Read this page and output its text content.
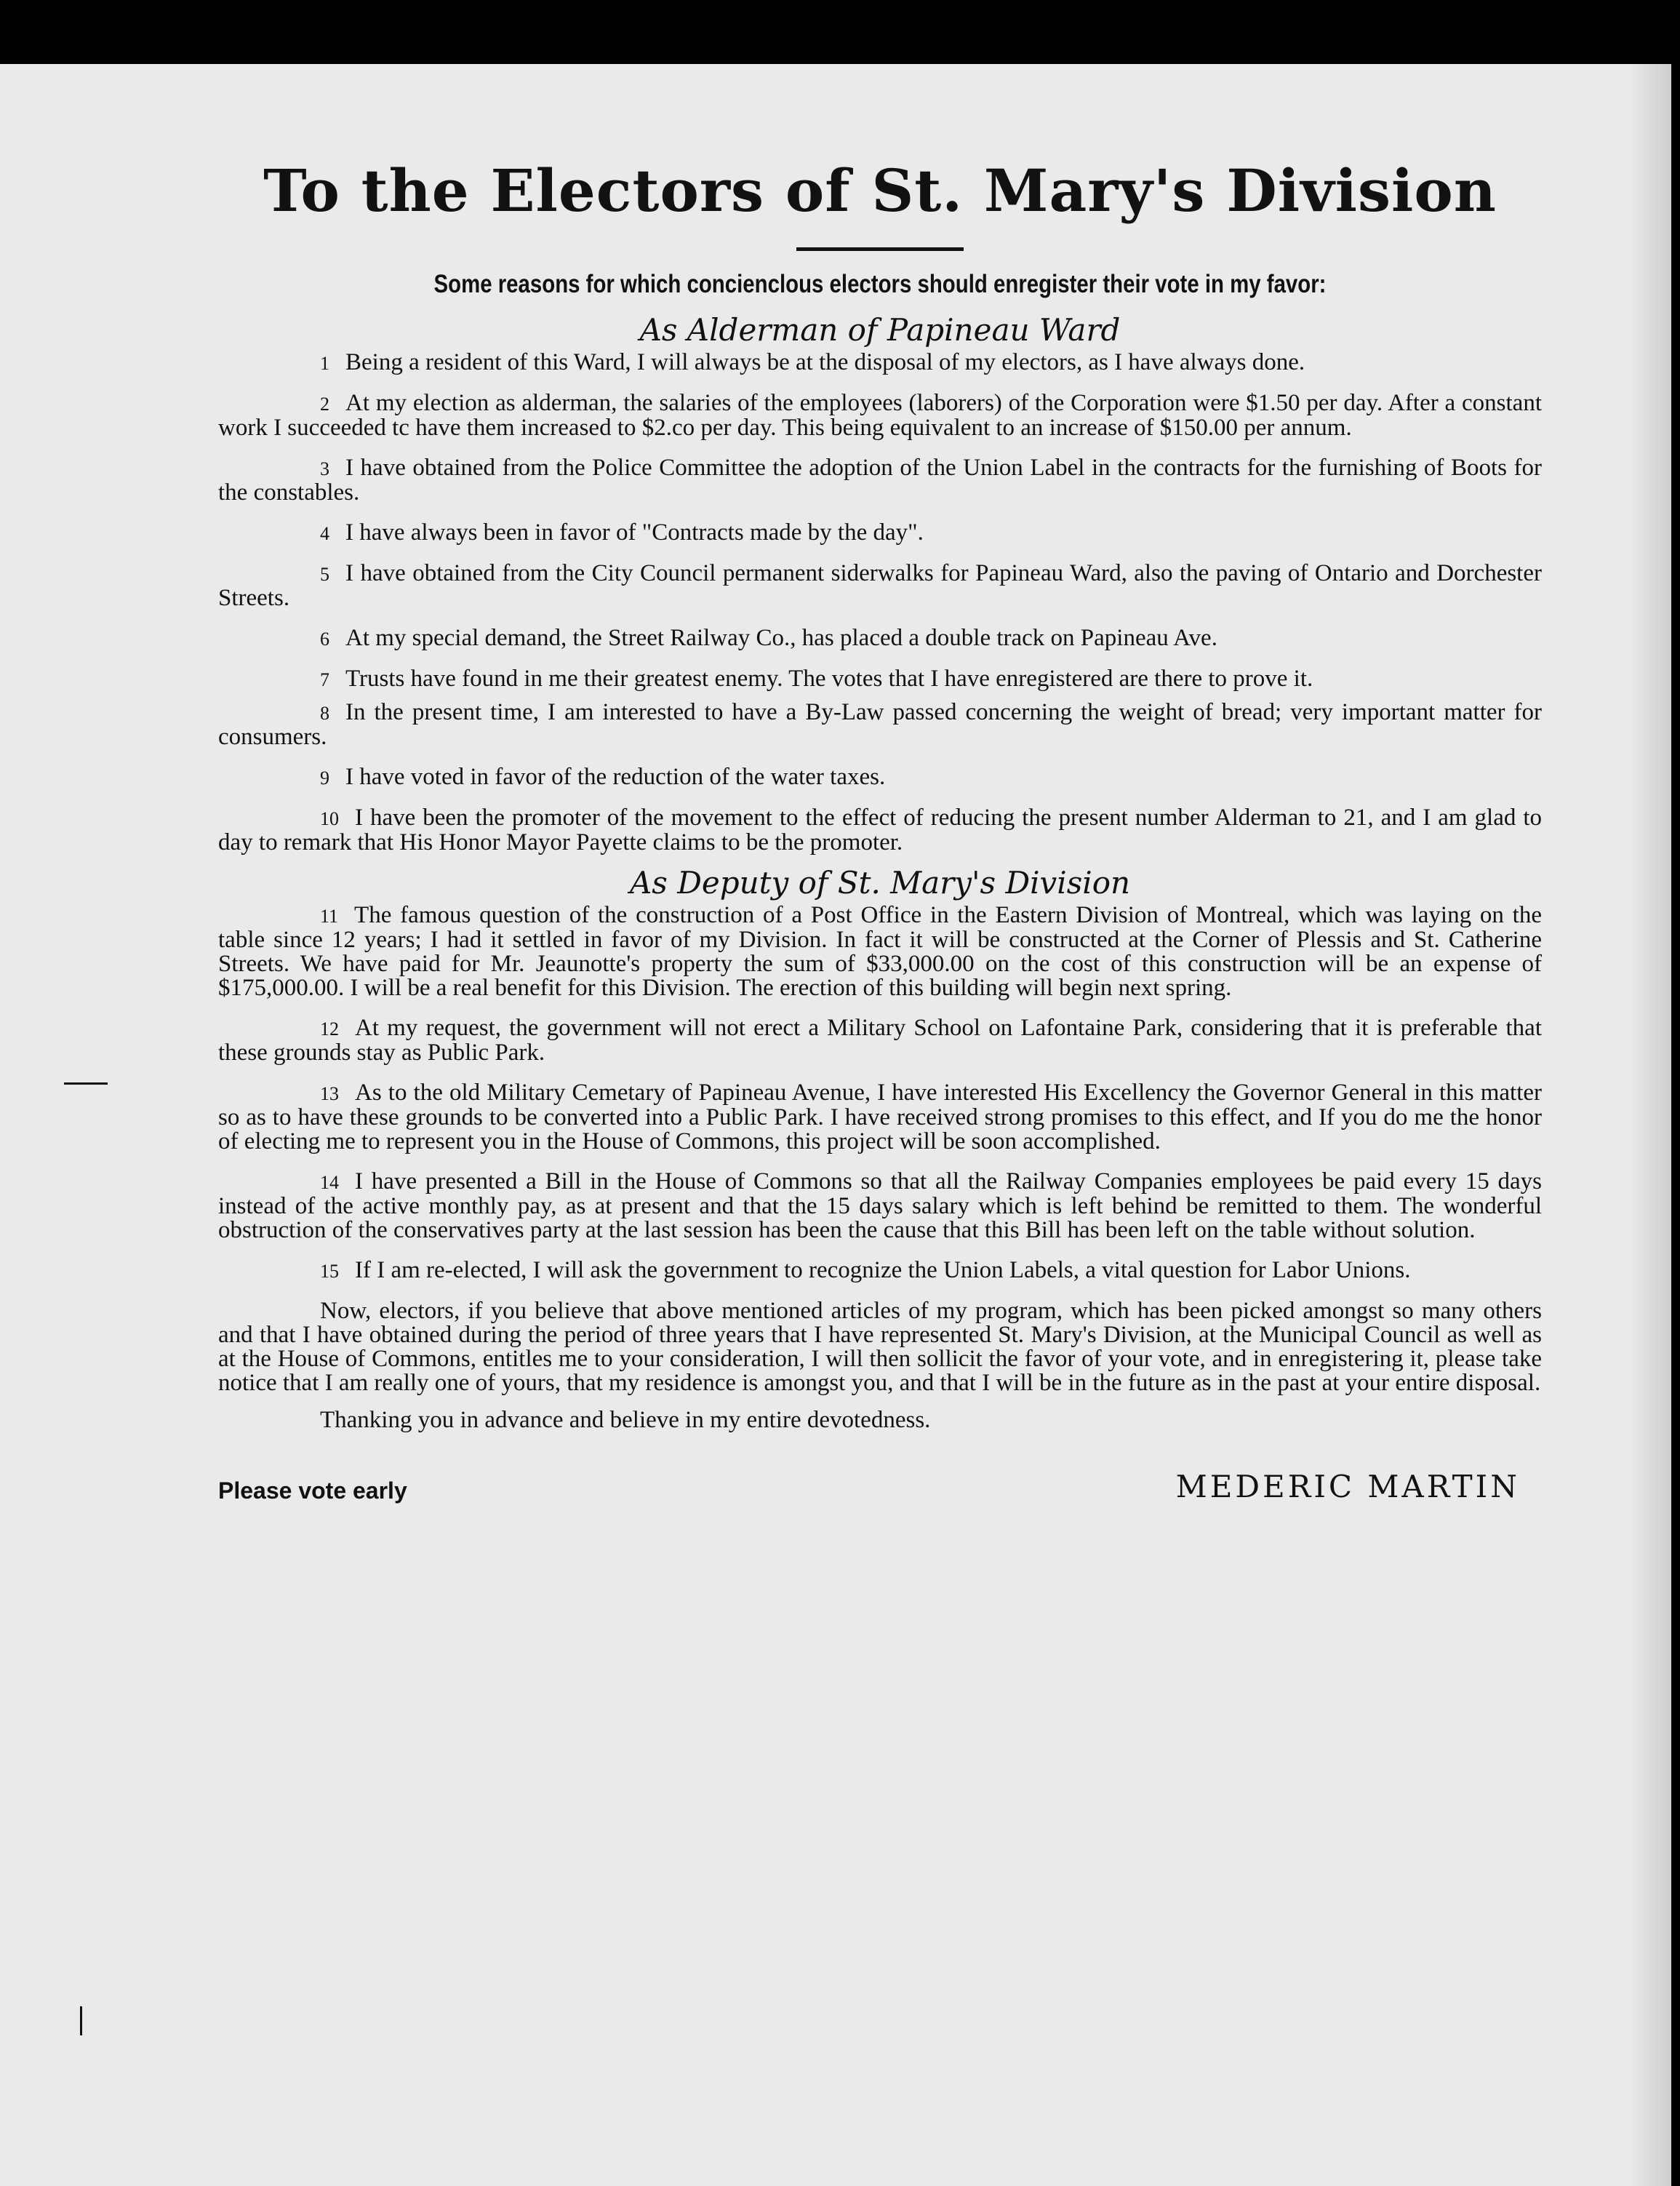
To the Electors of St. Mary's Division

Some reasons for which concienclous electors should enregister their vote in my favor:

As Alderman of Papineau Ward

1 Being a resident of this Ward, I will always be at the disposal of my electors, as I have always done.

2 At my election as alderman, the salaries of the employees (laborers) of the Corporation were $1.50 per day. After a constant work I succeeded tc have them increased to $2.co per day. This being equivalent to an increase of $150.00 per annum.

3 I have obtained from the Police Committee the adoption of the Union Label in the contracts for the furnishing of Boots for the constables.

4 I have always been in favor of "Contracts made by the day".

5 I have obtained from the City Council permanent siderwalks for Papineau Ward, also the paving of Ontario and Dorchester Streets.

6 At my special demand, the Street Railway Co., has placed a double track on Papineau Ave.

7 Trusts have found in me their greatest enemy. The votes that I have enregistered are there to prove it.

8 In the present time, I am interested to have a By-Law passed concerning the weight of bread; very important matter for consumers.

9 I have voted in favor of the reduction of the water taxes.

10 I have been the promoter of the movement to the effect of reducing the present number Alderman to 21, and I am glad to day to remark that His Honor Mayor Payette claims to be the promoter.

As Deputy of St. Mary's Division

11 The famous question of the construction of a Post Office in the Eastern Division of Montreal, which was laying on the table since 12 years; I had it settled in favor of my Division. In fact it will be constructed at the Corner of Plessis and St. Catherine Streets. We have paid for Mr. Jeaunotte's property the sum of $33,000.00 on the cost of this construction will be an expense of $175,000.00. I will be a real benefit for this Division. The erection of this building will begin next spring.

12 At my request, the government will not erect a Military School on Lafontaine Park, considering that it is preferable that these grounds stay as Public Park.

13 As to the old Military Cemetary of Papineau Avenue, I have interested His Excellency the Governor General in this matter so as to have these grounds to be converted into a Public Park. I have received strong promises to this effect, and If you do me the honor of electing me to represent you in the House of Commons, this project will be soon accomplished.

14 I have presented a Bill in the House of Commons so that all the Railway Companies employees be paid every 15 days instead of the active monthly pay, as at present and that the 15 days salary which is left behind be remitted to them. The wonderful obstruction of the conservatives party at the last session has been the cause that this Bill has been left on the table without solution.

15 If I am re-elected, I will ask the government to recognize the Union Labels, a vital question for Labor Unions.

Now, electors, if you believe that above mentioned articles of my program, which has been picked amongst so many others and that I have obtained during the period of three years that I have represented St. Mary's Division, at the Municipal Council as well as at the House of Commons, entitles me to your consideration, I will then sollicit the favor of your vote, and in enregistering it, please take notice that I am really one of yours, that my residence is amongst you, and that I will be in the future as in the past at your entire disposal.

Thanking you in advance and believe in my entire devotedness.

Please vote early	MEDERIC MARTIN
